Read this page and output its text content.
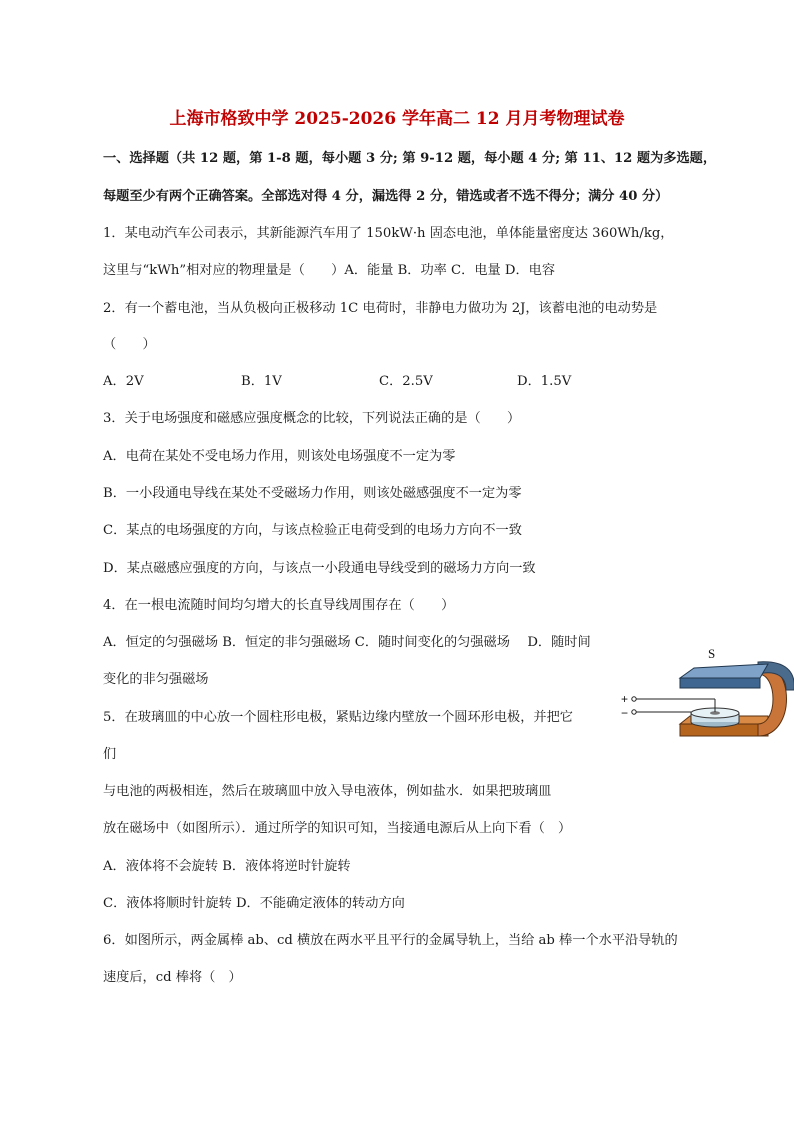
上海市格致中学 2025-2026 学年高二 12 月月考物理试卷
一、选择题（共 12 题，第 1-8 题，每小题 3 分; 第 9-12 题，每小题 4 分; 第 11、12 题为多选题，
每题至少有两个正确答案。全部选对得 4 分，漏选得 2 分，错选或者不选不得分；满分 40 分）
1．某电动汽车公司表示，其新能源汽车用了 150kW·h 固态电池，单体能量密度达 360Wh/kg，
这里与“kWh”相对应的物理量是（　　）A．能量 B．功率 C．电量 D．电容
2．有一个蓄电池，当从负极向正极移动 1C 电荷时，非静电力做功为 2J，该蓄电池的电动势是
（　　）
A．2V	B．1V	C．2.5V	D．1.5V
3．关于电场强度和磁感应强度概念的比较，下列说法正确的是（　　）
A．电荷在某处不受电场力作用，则该处电场强度不一定为零
B．一小段通电导线在某处不受磁场力作用，则该处磁感强度不一定为零
C．某点的电场强度的方向，与该点检验正电荷受到的电场力方向不一致
D．某点磁感应强度的方向，与该点一小段通电导线受到的磁场力方向一致
4．在一根电流随时间均匀增大的长直导线周围存在（　　）
A．恒定的匀强磁场 B．恒定的非匀强磁场 C．随时间变化的匀强磁场　 D．随时间
变化的非匀强磁场
5．在玻璃皿的中心放一个圆柱形电极，紧贴边缘内壁放一个圆环形电极，并把它
们
与电池的两极相连，然后在玻璃皿中放入导电液体，例如盐水．如果把玻璃皿
放在磁场中（如图所示）．通过所学的知识可知，当接通电源后从上向下看（　）
A．液体将不会旋转 B．液体将逆时针旋转
C．液体将顺时针旋转 D．不能确定液体的转动方向
6．如图所示，两金属棒 ab、cd 横放在两水平且平行的金属导轨上，当给 ab 棒一个水平沿导轨的
速度后，cd 棒将（　）
S
+
−
